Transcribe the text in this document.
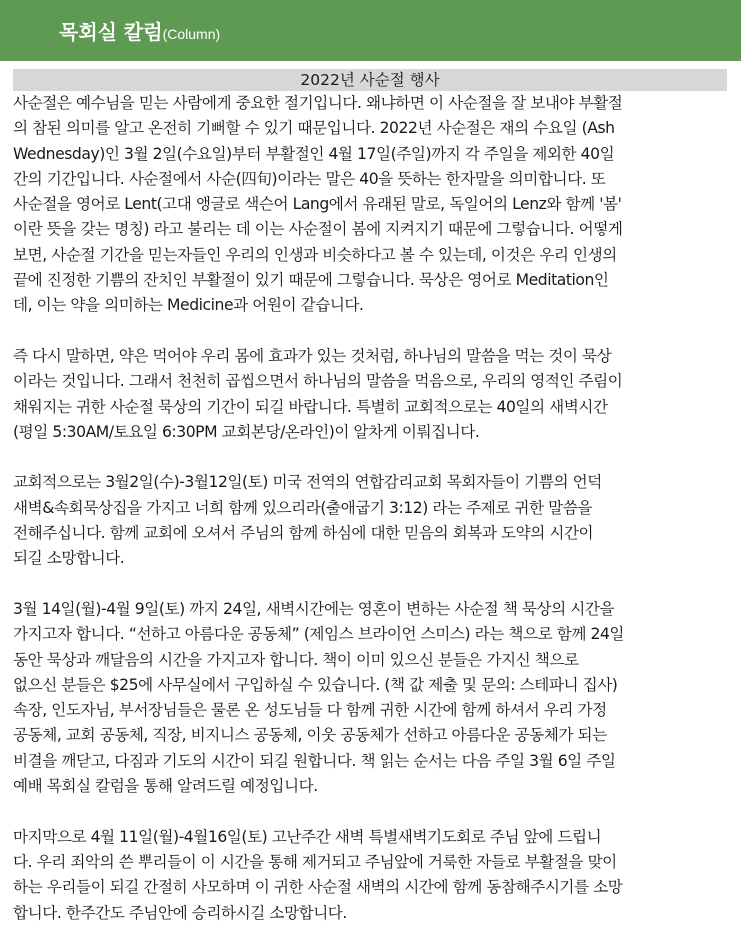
목회실 칼럼(Column)
2022년 사순절 행사
사순절은 예수님을 믿는 사람에게 중요한 절기입니다. 왜냐하면 이 사순절을 잘 보내야 부활절
의 참된 의미를 알고 온전히 기뻐할 수 있기 때문입니다. 2022년 사순절은 재의 수요일 (Ash
Wednesday)인 3월 2일(수요일)부터 부활절인 4월 17일(주일)까지 각 주일을 제외한 40일
간의 기간입니다. 사순절에서 사순(四旬)이라는 말은 40을 뜻하는 한자말을 의미합니다. 또
사순절을 영어로 Lent(고대 앵글로 색슨어 Lang에서 유래된 말로, 독일어의 Lenz와 함께 '봄'
이란 뜻을 갖는 명칭) 라고 불리는 데 이는 사순절이 봄에 지켜지기 때문에 그렇습니다. 어떻게
보면, 사순절 기간을 믿는자들인 우리의 인생과 비슷하다고 볼 수 있는데, 이것은 우리 인생의
끝에 진정한 기쁨의 잔치인 부활절이 있기 때문에 그렇습니다. 묵상은 영어로 Meditation인
데, 이는 약을 의미하는 Medicine과 어원이 같습니다.
즉 다시 말하면, 약은 먹어야 우리 몸에 효과가 있는 것처럼, 하나님의 말씀을 먹는 것이 묵상
이라는 것입니다. 그래서 천천히 곱씹으면서 하나님의 말씀을 먹음으로, 우리의 영적인 주림이
채워지는 귀한 사순절 묵상의 기간이 되길 바랍니다. 특별히 교회적으로는 40일의 새벽시간
(평일 5:30AM/토요일 6:30PM 교회본당/온라인)이 알차게 이뤄집니다.
교회적으로는 3월2일(수)-3월12일(토) 미국 전역의 연합감리교회 목회자들이 기쁨의 언덕
새벽&속회묵상집을 가지고 너희 함께 있으리라(출애굽기 3:12) 라는 주제로 귀한 말씀을
전해주십니다. 함께 교회에 오셔서 주님의 함께 하심에 대한 믿음의 회복과 도약의 시간이
되길 소망합니다.
3월 14일(월)-4월 9일(토) 까지 24일, 새벽시간에는 영혼이 변하는 사순절 책 묵상의 시간을
가지고자 합니다. “선하고 아름다운 공동체” (제임스 브라이언 스미스) 라는 책으로 함께 24일
동안 묵상과 깨달음의 시간을 가지고자 합니다. 책이 이미 있으신 분들은 가지신 책으로
없으신 분들은 $25에 사무실에서 구입하실 수 있습니다. (책 값 제출 및 문의: 스테파니 집사)
속장, 인도자님, 부서장님들은 물론 온 성도님들 다 함께 귀한 시간에 함께 하셔서 우리 가정
공동체, 교회 공동체, 직장, 비지니스 공동체, 이웃 공동체가 선하고 아름다운 공동체가 되는
비결을 깨닫고, 다짐과 기도의 시간이 되길 원합니다. 책 읽는 순서는 다음 주일 3월 6일 주일
예배 목회실 칼럼을 통해 알려드릴 예정입니다.
마지막으로 4월 11일(월)-4월16일(토) 고난주간 새벽 특별새벽기도회로 주님 앞에 드립니
다. 우리 죄악의 쓴 뿌리들이 이 시간을 통해 제거되고 주님앞에 거룩한 자들로 부활절을 맞이
하는 우리들이 되길 간절히 사모하며 이 귀한 사순절 새벽의 시간에 함께 동참해주시기를 소망
합니다. 한주간도 주님안에 승리하시길 소망합니다.
